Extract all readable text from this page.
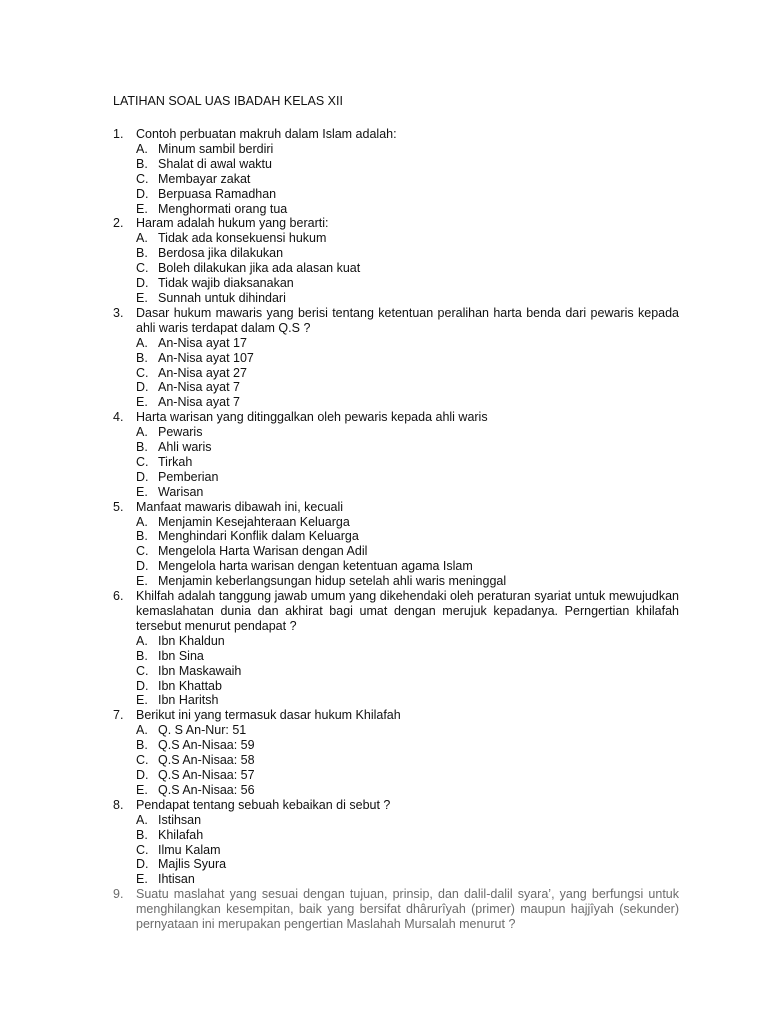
LATIHAN SOAL UAS IBADAH KELAS XII
1.	Contoh perbuatan makruh dalam Islam adalah:
A. Minum sambil berdiri
B. Shalat di awal waktu
C. Membayar zakat
D. Berpuasa Ramadhan
E. Menghormati orang tua
2.	Haram adalah hukum yang berarti:
A. Tidak ada konsekuensi hukum
B. Berdosa jika dilakukan
C. Boleh dilakukan jika ada alasan kuat
D. Tidak wajib diaksanakan
E. Sunnah untuk dihindari
3.	Dasar hukum mawaris yang berisi tentang ketentuan peralihan harta benda dari pewaris kepada ahli waris terdapat dalam Q.S ?
A. An-Nisa ayat 17
B. An-Nisa ayat 107
C. An-Nisa ayat 27
D. An-Nisa ayat 7
E. An-Nisa ayat 7
4.	Harta warisan yang ditinggalkan oleh pewaris kepada ahli waris
A. Pewaris
B. Ahli waris
C. Tirkah
D. Pemberian
E. Warisan
5.	Manfaat mawaris dibawah ini, kecuali
A. Menjamin Kesejahteraan Keluarga
B. Menghindari Konflik dalam Keluarga
C. Mengelola Harta Warisan dengan Adil
D. Mengelola harta warisan dengan ketentuan agama Islam
E. Menjamin keberlangsungan hidup setelah ahli waris meninggal
6.	Khilfah adalah tanggung jawab umum yang dikehendaki oleh peraturan syariat untuk mewujudkan kemaslahatan dunia dan akhirat bagi umat dengan merujuk kepadanya. Perngertian khilafah tersebut menurut pendapat ?
A. Ibn Khaldun
B. Ibn Sina
C. Ibn Maskawaih
D. Ibn Khattab
E. Ibn Haritsh
7.	Berikut ini yang termasuk dasar hukum Khilafah
A. Q. S An-Nur: 51
B. Q.S An-Nisaa: 59
C. Q.S An-Nisaa: 58
D. Q.S An-Nisaa: 57
E. Q.S An-Nisaa: 56
8.	Pendapat tentang sebuah kebaikan di sebut ?
A. Istihsan
B. Khilafah
C. Ilmu Kalam
D. Majlis Syura
E. Ihtisan
9.	Suatu maslahat yang sesuai dengan tujuan, prinsip, dan dalil-dalil syara’, yang berfungsi untuk menghilangkan kesempitan, baik yang bersifat dhârurîyah (primer) maupun hajjîyah (sekunder) pernyataan ini merupakan pengertian Maslahah Mursalah menurut ?
